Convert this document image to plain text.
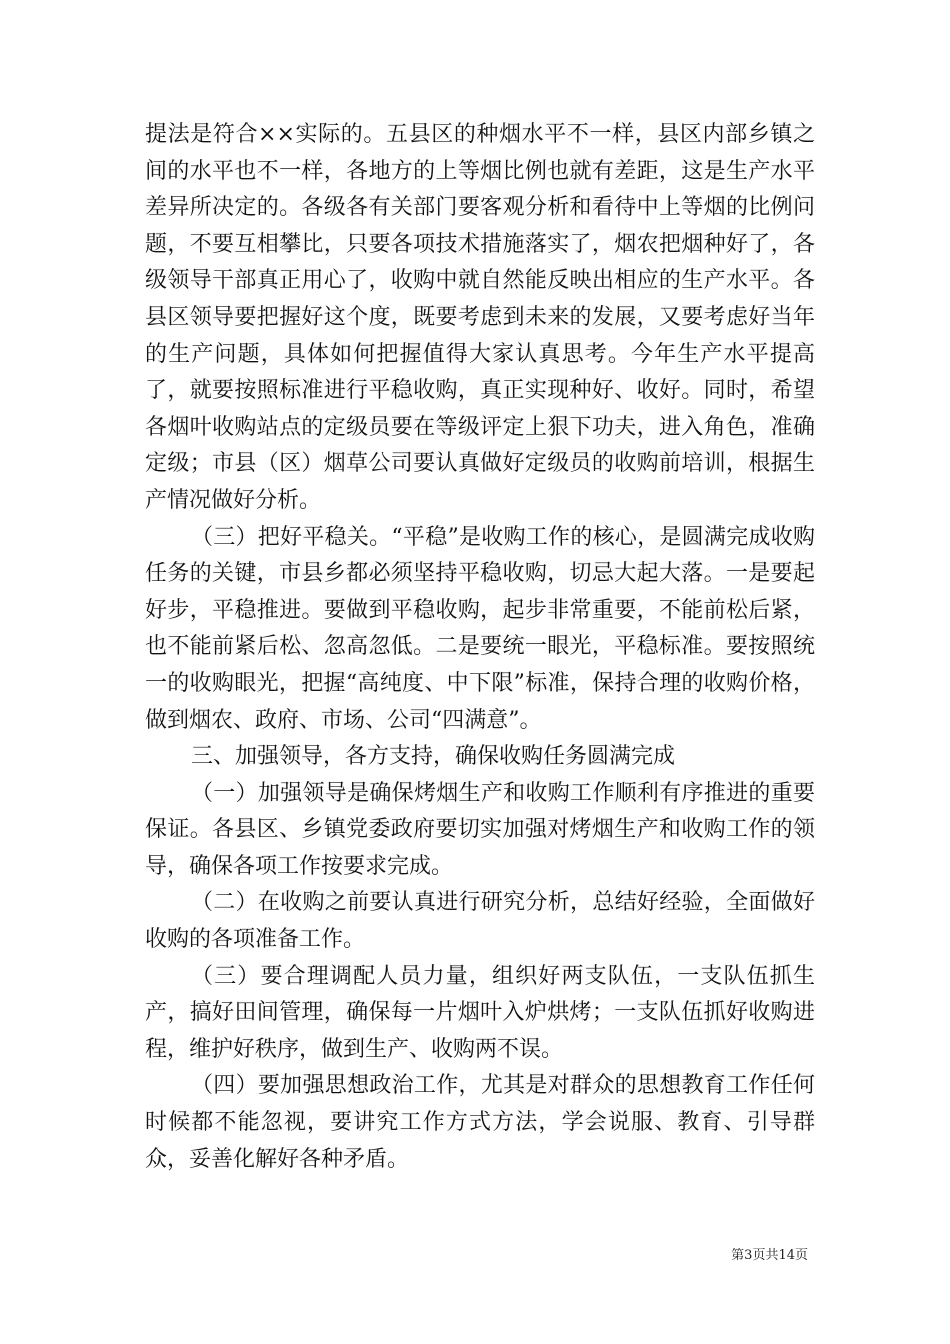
提法是符合××实际的。五县区的种烟水平不一样，县区内部乡镇之间的水平也不一样，各地方的上等烟比例也就有差距，这是生产水平差异所决定的。各级各有关部门要客观分析和看待中上等烟的比例问题，不要互相攀比，只要各项技术措施落实了，烟农把烟种好了，各级领导干部真正用心了，收购中就自然能反映出相应的生产水平。各县区领导要把握好这个度，既要考虑到未来的发展，又要考虑好当年的生产问题，具体如何把握值得大家认真思考。今年生产水平提高了，就要按照标准进行平稳收购，真正实现种好、收好。同时，希望各烟叶收购站点的定级员要在等级评定上狠下功夫，进入角色，准确定级；市县（区）烟草公司要认真做好定级员的收购前培训，根据生产情况做好分析。

（三）把好平稳关。“平稳”是收购工作的核心，是圆满完成收购任务的关键，市县乡都必须坚持平稳收购，切忌大起大落。一是要起好步，平稳推进。要做到平稳收购，起步非常重要，不能前松后紧，也不能前紧后松、忽高忽低。二是要统一眼光，平稳标准。要按照统一的收购眼光，把握“高纯度、中下限”标准，保持合理的收购价格，做到烟农、政府、市场、公司“四满意”。

三、加强领导，各方支持，确保收购任务圆满完成

（一）加强领导是确保烤烟生产和收购工作顺利有序推进的重要保证。各县区、乡镇党委政府要切实加强对烤烟生产和收购工作的领导，确保各项工作按要求完成。

（二）在收购之前要认真进行研究分析，总结好经验，全面做好收购的各项准备工作。

（三）要合理调配人员力量，组织好两支队伍，一支队伍抓生产，搞好田间管理，确保每一片烟叶入炉烘烤；一支队伍抓好收购进程，维护好秩序，做到生产、收购两不误。

（四）要加强思想政治工作，尤其是对群众的思想教育工作任何时候都不能忽视，要讲究工作方式方法，学会说服、教育、引导群众，妥善化解好各种矛盾。

第3页共14页
